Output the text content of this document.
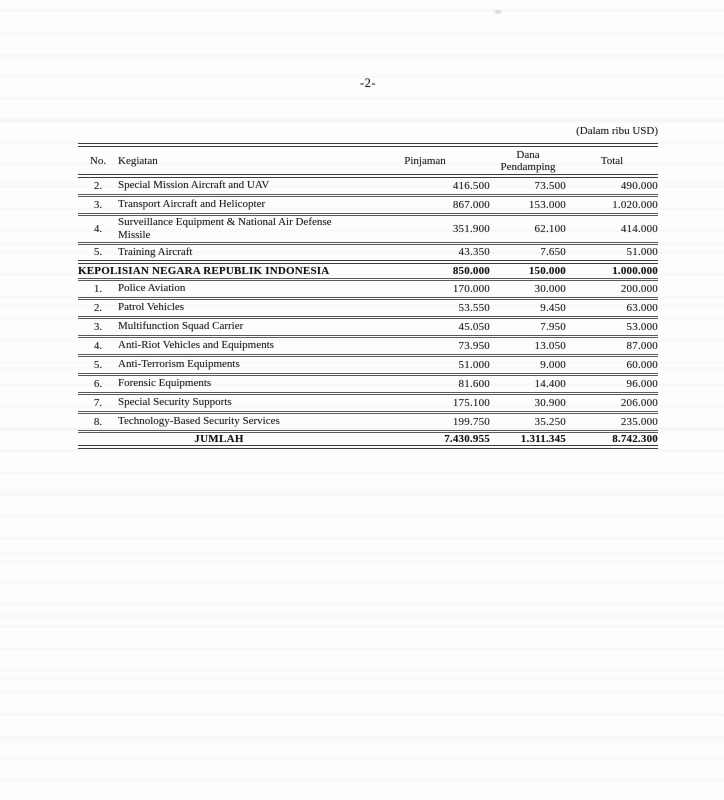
-2-
(Dalam ribu USD)
No.	Kegiatan	Pinjaman	Dana Pendamping	Total
2.	Special Mission Aircraft and UAV	416.500	73.500	490.000
3.	Transport Aircraft and Helicopter	867.000	153.000	1.020.000
4.	Surveillance Equipment & National Air Defense Missile	351.900	62.100	414.000
5.	Training Aircraft	43.350	7.650	51.000
KEPOLISIAN NEGARA REPUBLIK INDONESIA		850.000	150.000	1.000.000
1.	Police Aviation	170.000	30.000	200.000
2.	Patrol Vehicles	53.550	9.450	63.000
3.	Multifunction Squad Carrier	45.050	7.950	53.000
4.	Anti-Riot Vehicles and Equipments	73.950	13.050	87.000
5.	Anti-Terrorism Equipments	51.000	9.000	60.000
6.	Forensic Equipments	81.600	14.400	96.000
7.	Special Security Supports	175.100	30.900	206.000
8.	Technology-Based Security Services	199.750	35.250	235.000
JUMLAH		7.430.955	1.311.345	8.742.300
